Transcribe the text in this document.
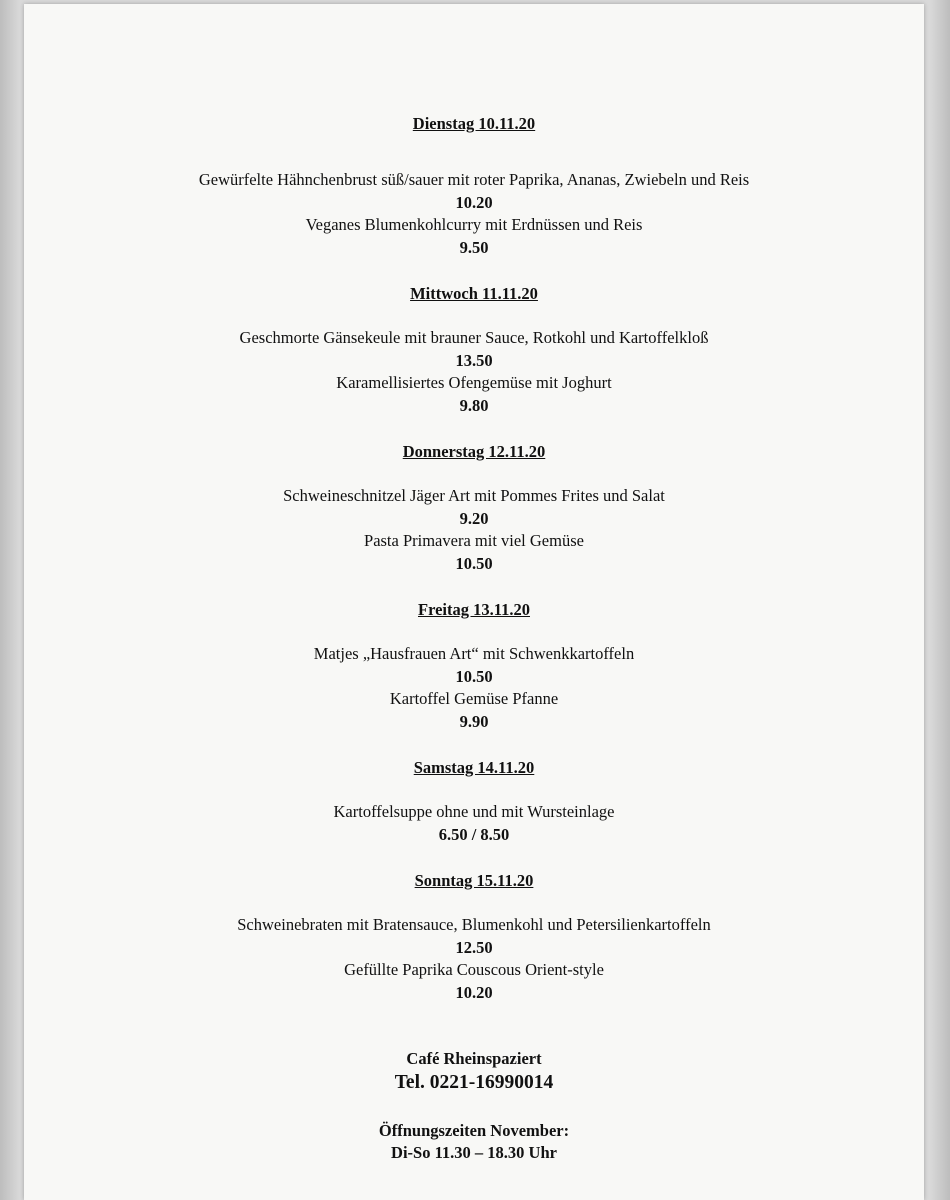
Dienstag 10.11.20
Gewürfelte Hähnchenbrust süß/sauer mit roter Paprika, Ananas, Zwiebeln und Reis
10.20
Veganes Blumenkohlcurry mit Erdnüssen und Reis
9.50
Mittwoch 11.11.20
Geschmorte Gänsekeule mit brauner Sauce, Rotkohl und Kartoffelkloß
13.50
Karamellisiertes Ofengemüse mit Joghurt
9.80
Donnerstag 12.11.20
Schweineschnitzel Jäger Art mit Pommes Frites und Salat
9.20
Pasta Primavera mit viel Gemüse
10.50
Freitag 13.11.20
Matjes „Hausfrauen Art“ mit Schwenkkartoffeln
10.50
Kartoffel Gemüse Pfanne
9.90
Samstag 14.11.20
Kartoffelsuppe ohne und mit Wursteinlage
6.50 / 8.50
Sonntag 15.11.20
Schweinebraten mit Bratensauce, Blumenkohl und Petersilienkartoffeln
12.50
Gefüllte Paprika Couscous Orient-style
10.20
Café Rheinspaziert
Tel. 0221-16990014
Öffnungszeiten November:
Di-So 11.30 – 18.30 Uhr
